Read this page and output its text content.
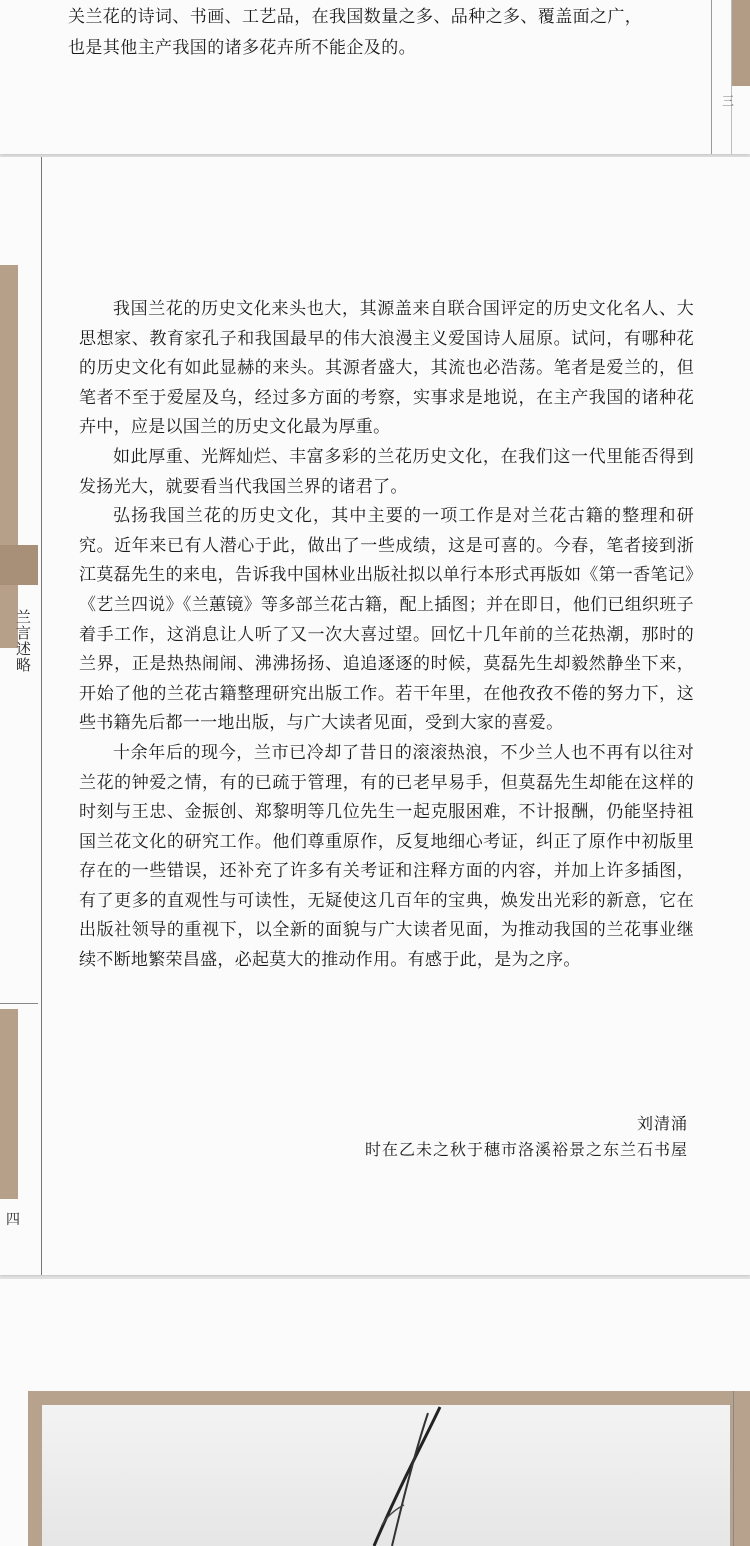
三

关兰花的诗词、书画、工艺品，在我国数量之多、品种之多、覆盖面之广，

也是其他主产我国的诸多花卉所不能企及的。

兰言述略
四

我国兰花的历史文化来头也大，其源盖来自联合国评定的历史文化名人、大思想家、教育家孔子和我国最早的伟大浪漫主义爱国诗人屈原。试问，有哪种花的历史文化有如此显赫的来头。其源者盛大，其流也必浩荡。笔者是爱兰的，但笔者不至于爱屋及乌，经过多方面的考察，实事求是地说，在主产我国的诸种花卉中，应是以国兰的历史文化最为厚重。

如此厚重、光辉灿烂、丰富多彩的兰花历史文化，在我们这一代里能否得到发扬光大，就要看当代我国兰界的诸君了。

弘扬我国兰花的历史文化，其中主要的一项工作是对兰花古籍的整理和研究。近年来已有人潜心于此，做出了一些成绩，这是可喜的。今春，笔者接到浙江莫磊先生的来电，告诉我中国林业出版社拟以单行本形式再版如《第一香笔记》《艺兰四说》《兰蕙镜》等多部兰花古籍，配上插图；并在即日，他们已组织班子着手工作，这消息让人听了又一次大喜过望。回忆十几年前的兰花热潮，那时的兰界，正是热热闹闹、沸沸扬扬、追追逐逐的时候，莫磊先生却毅然静坐下来，开始了他的兰花古籍整理研究出版工作。若干年里，在他孜孜不倦的努力下，这些书籍先后都一一地出版，与广大读者见面，受到大家的喜爱。

十余年后的现今，兰市已冷却了昔日的滚滚热浪，不少兰人也不再有以往对兰花的钟爱之情，有的已疏于管理，有的已老早易手，但莫磊先生却能在这样的时刻与王忠、金振创、郑黎明等几位先生一起克服困难，不计报酬，仍能坚持祖国兰花文化的研究工作。他们尊重原作，反复地细心考证，纠正了原作中初版里存在的一些错误，还补充了许多有关考证和注释方面的内容，并加上许多插图，有了更多的直观性与可读性，无疑使这几百年的宝典，焕发出光彩的新意，它在出版社领导的重视下，以全新的面貌与广大读者见面，为推动我国的兰花事业继续不断地繁荣昌盛，必起莫大的推动作用。有感于此，是为之序。

刘清涌
时在乙未之秋于穗市洛溪裕景之东兰石书屋
